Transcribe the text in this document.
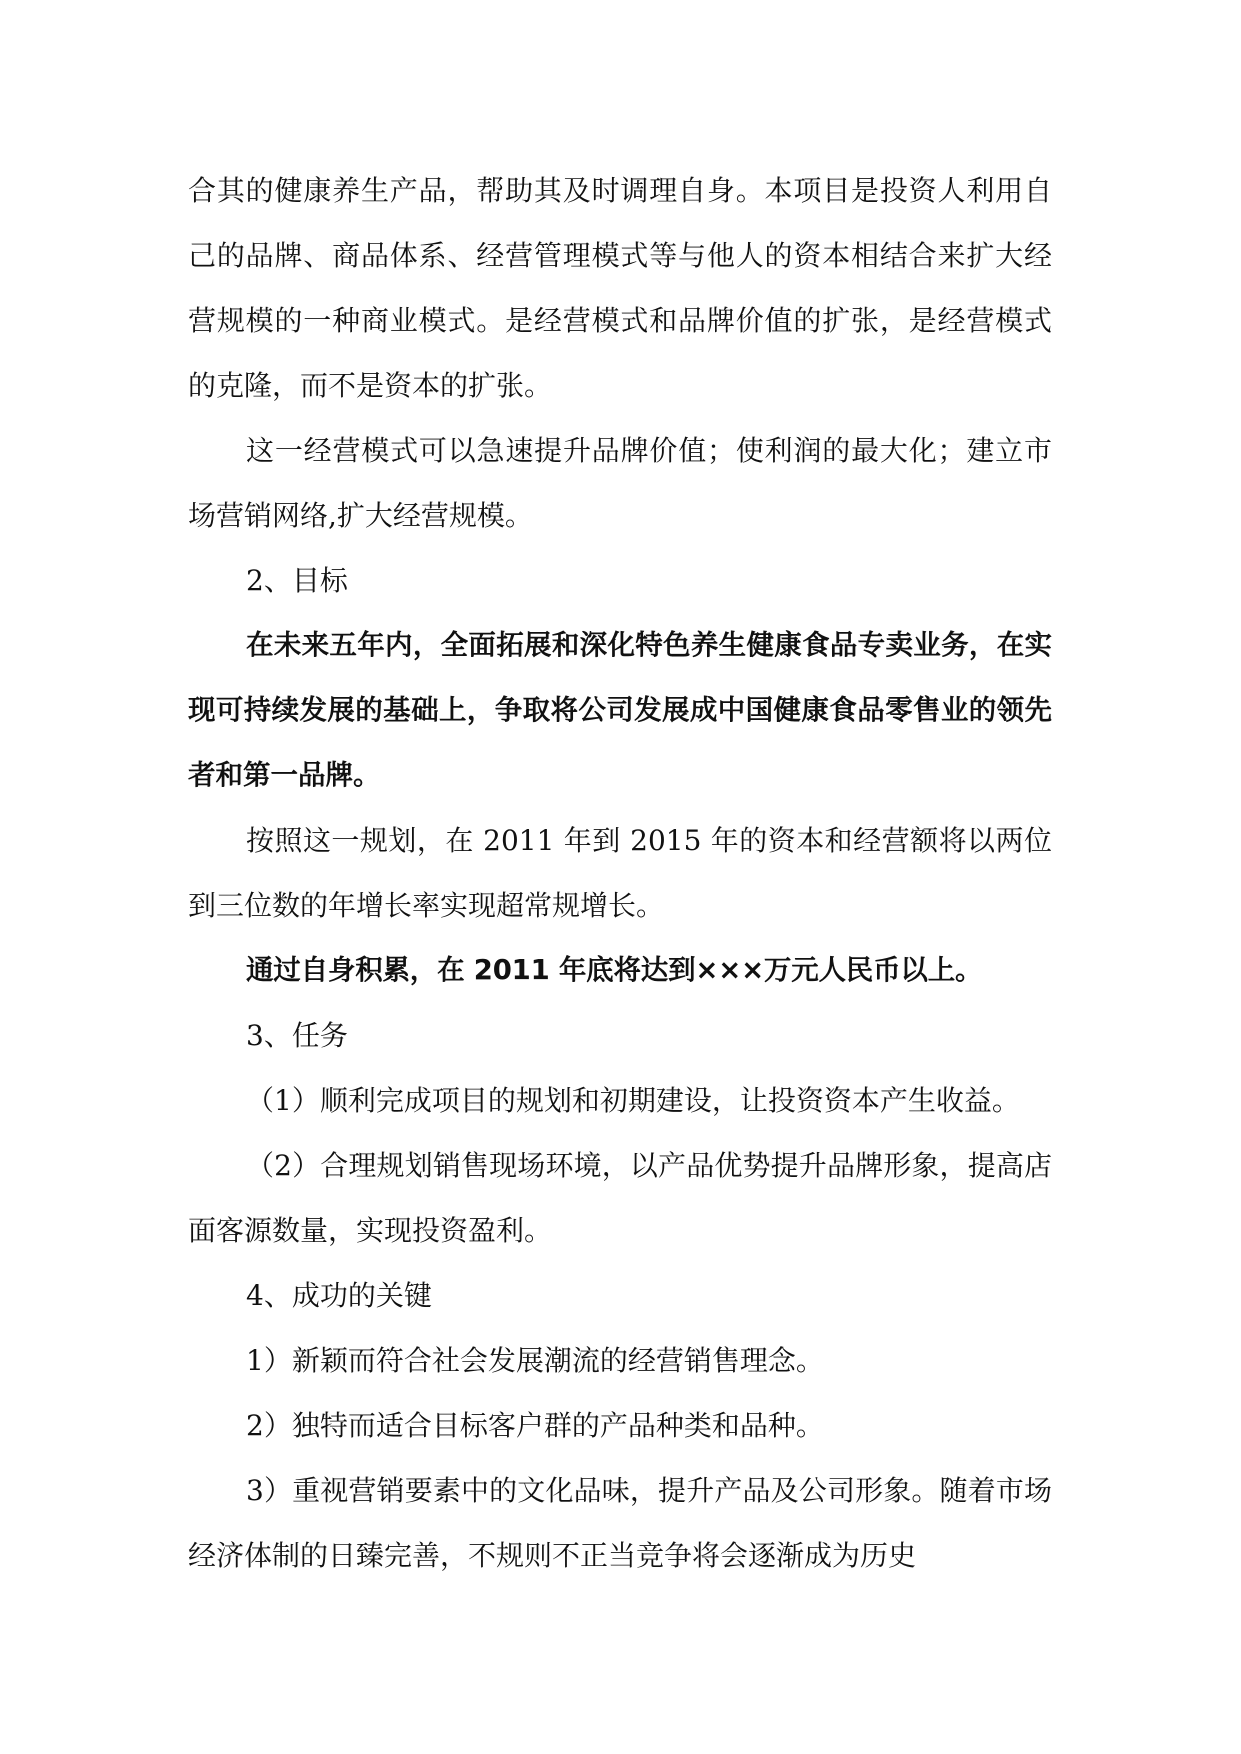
合其的健康养生产品，帮助其及时调理自身。本项目是投资人利用自己的品牌、商品体系、经营管理模式等与他人的资本相结合来扩大经营规模的一种商业模式。是经营模式和品牌价值的扩张，是经营模式的克隆，而不是资本的扩张。

这一经营模式可以急速提升品牌价值；使利润的最大化；建立市场营销网络,扩大经营规模。

2、目标

在未来五年内，全面拓展和深化特色养生健康食品专卖业务，在实现可持续发展的基础上，争取将公司发展成中国健康食品零售业的领先者和第一品牌。

按照这一规划，在 2011 年到 2015 年的资本和经营额将以两位到三位数的年增长率实现超常规增长。

通过自身积累，在 2011 年底将达到×××万元人民币以上。

3、任务

（1）顺利完成项目的规划和初期建设，让投资资本产生收益。

（2）合理规划销售现场环境，以产品优势提升品牌形象，提高店面客源数量，实现投资盈利。

4、成功的关键

1）新颖而符合社会发展潮流的经营销售理念。

2）独特而适合目标客户群的产品种类和品种。

3）重视营销要素中的文化品味，提升产品及公司形象。随着市场经济体制的日臻完善，不规则不正当竞争将会逐渐成为历史
